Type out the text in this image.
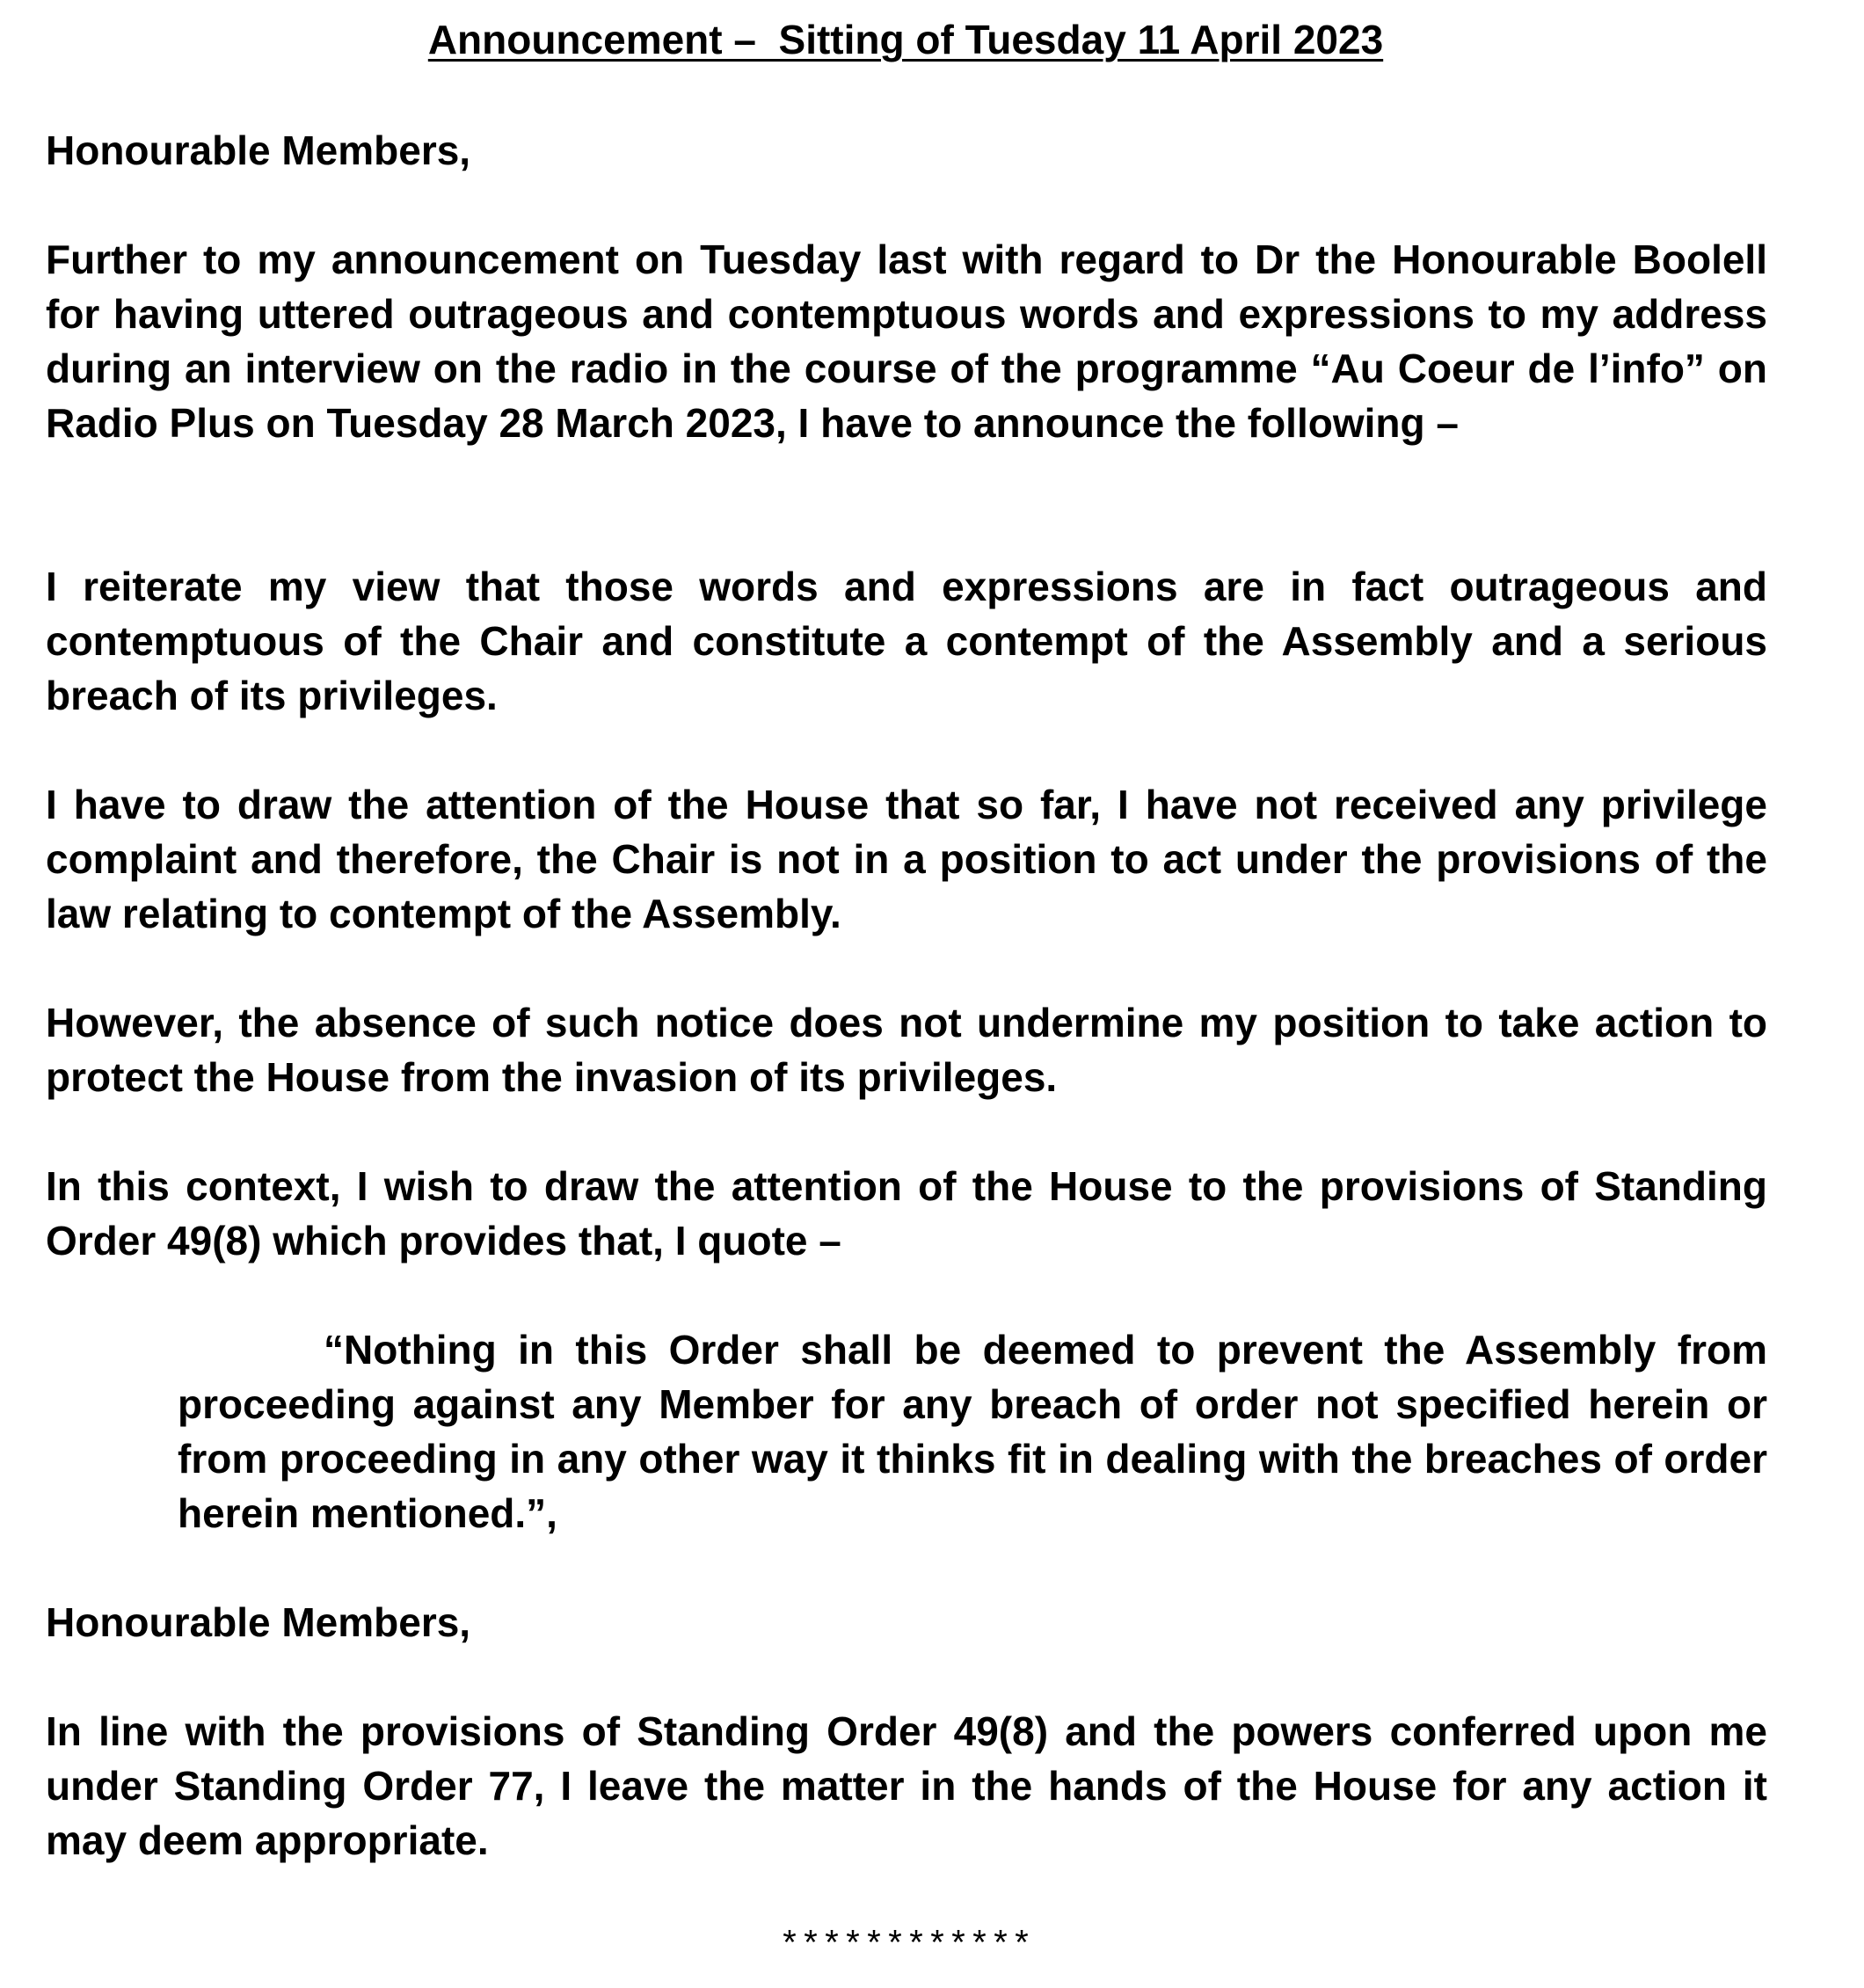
Announcement –  Sitting of Tuesday 11 April 2023

Honourable Members,

Further to my announcement on Tuesday last with regard to Dr the Honourable Boolell for having uttered outrageous and contemptuous words and expressions to my address during an interview on the radio in the course of the programme “Au Coeur de l’info” on Radio Plus on Tuesday 28 March 2023, I have to announce the following –

I reiterate my view that those words and expressions are in fact outrageous and contemptuous of the Chair and constitute a contempt of the Assembly and a serious breach of its privileges.

I have to draw the attention of the House that so far, I have not received any privilege complaint and therefore, the Chair is not in a position to act under the provisions of the law relating to contempt of the Assembly.

However, the absence of such notice does not undermine my position to take action to protect the House from the invasion of its privileges.

In this context, I wish to draw the attention of the House to the provisions of Standing Order 49(8) which provides that, I quote –

“Nothing in this Order shall be deemed to prevent the Assembly from proceeding against any Member for any breach of order not specified herein or from proceeding in any other way it thinks fit in dealing with the breaches of order herein mentioned.”,

Honourable Members,

In line with the provisions of Standing Order 49(8) and the powers conferred upon me under Standing Order 77, I leave the matter in the hands of the House for any action it may deem appropriate.

************
